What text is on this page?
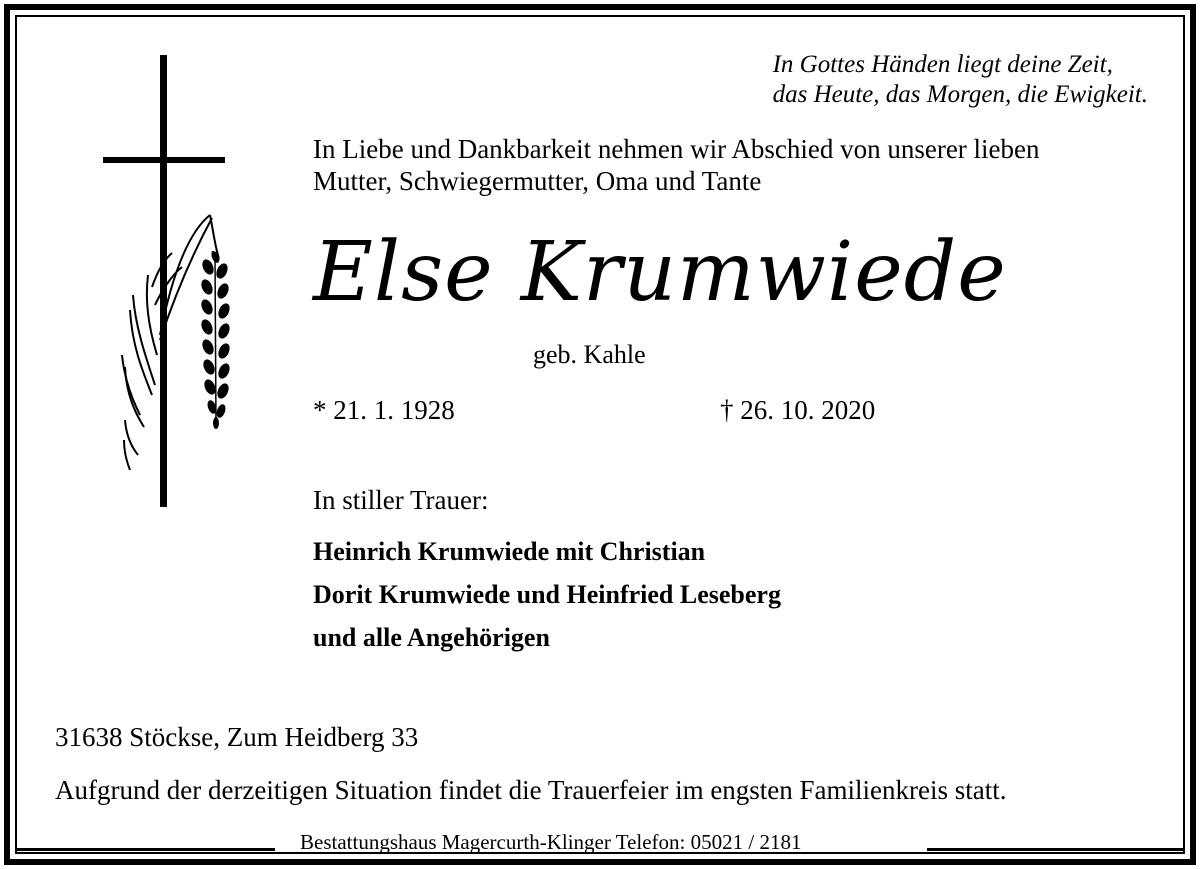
In Gottes Händen liegt deine Zeit,
das Heute, das Morgen, die Ewigkeit.
In Liebe und Dankbarkeit nehmen wir Abschied von unserer lieben
Mutter, Schwiegermutter, Oma und Tante
Else Krumwiede
geb. Kahle
* 21. 1. 1928	† 26. 10. 2020
In stiller Trauer:
Heinrich Krumwiede mit Christian
Dorit Krumwiede und Heinfried Leseberg
und alle Angehörigen
31638 Stöckse, Zum Heidberg 33
Aufgrund der derzeitigen Situation findet die Trauerfeier im engsten Familienkreis statt.
Bestattungshaus Magercurth-Klinger Telefon: 05021 / 2181
